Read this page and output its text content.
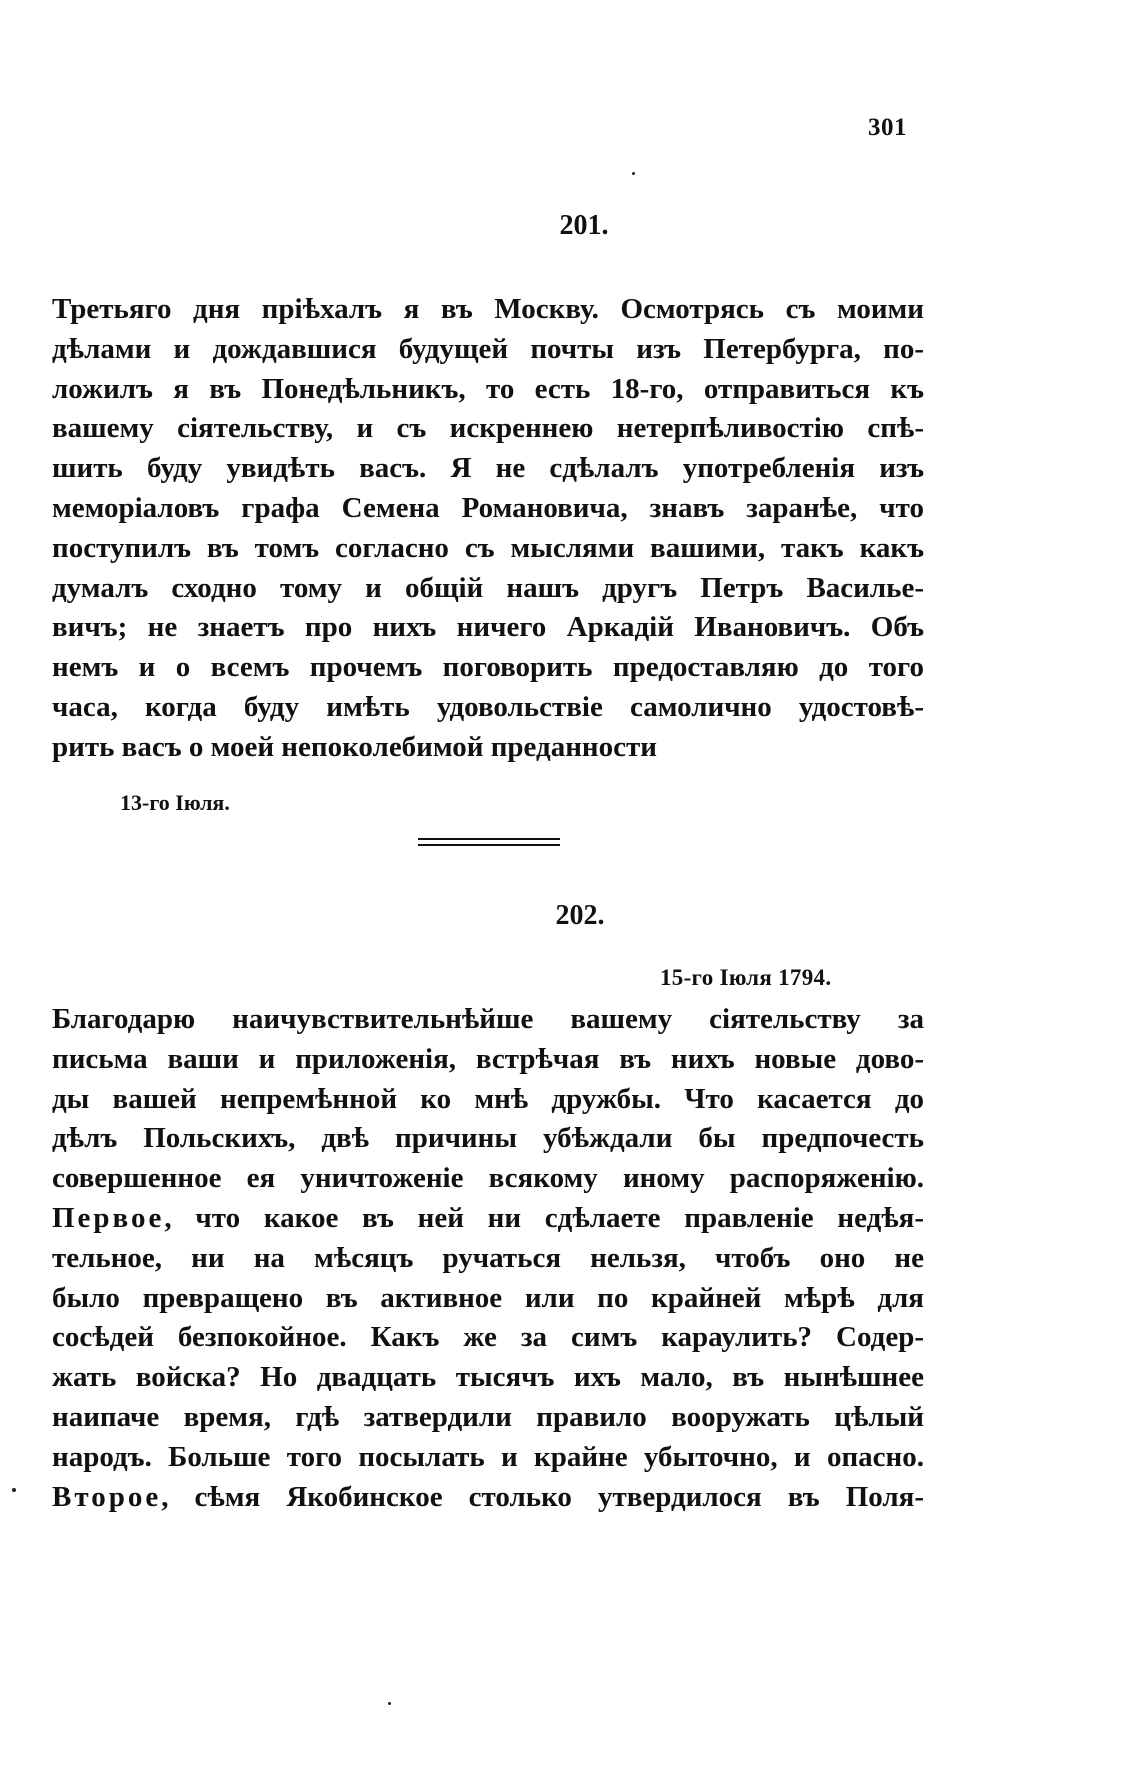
301
201.
Третьяго дня пріѣхалъ я въ Москву. Осмотрясь съ моими
дѣлами и дождавшися будущей почты изъ Петербурга, по-
ложилъ я въ Понедѣльникъ, то есть 18-го, отправиться къ
вашему сіятельству, и съ искреннею нетерпѣливостію спѣ-
шить буду увидѣть васъ. Я не сдѣлалъ употребленія изъ
меморіаловъ графа Семена Романовича, знавъ заранѣе, что
поступилъ въ томъ согласно съ мыслями вашими, такъ какъ
думалъ сходно тому и общій нашъ другъ Петръ Василье-
вичъ; не знаетъ про нихъ ничего Аркадій Ивановичъ. Объ
немъ и о всемъ прочемъ поговорить предоставляю до того
часа, когда буду имѣть удовольствіе самолично удостовѣ-
рить васъ о моей непоколебимой преданности
13-го Іюля.
202.
15-го Іюля 1794.
Благодарю наичувствительнѣйше вашему сіятельству за
письма ваши и приложенія, встрѣчая въ нихъ новые дово-
ды вашей непремѣнной ко мнѣ дружбы. Что касается до
дѣлъ Польскихъ, двѣ причины убѣждали бы предпочесть
совершенное ея уничтоженіе всякому иному распоряженію.
Первое, что какое въ ней ни сдѣлаете правленіе недѣя-
тельное, ни на мѣсяцъ ручаться нельзя, чтобъ оно не
было превращено въ активное или по крайней мѣрѣ для
сосѣдей безпокойное. Какъ же за симъ караулить? Содер-
жать войска? Но двадцать тысячъ ихъ мало, въ нынѣшнее
наипаче время, гдѣ затвердили правило вооружать цѣлый
народъ. Больше того посылать и крайне убыточно, и опасно.
Второе, сѣмя Якобинское столько утвердилося въ Поля-
